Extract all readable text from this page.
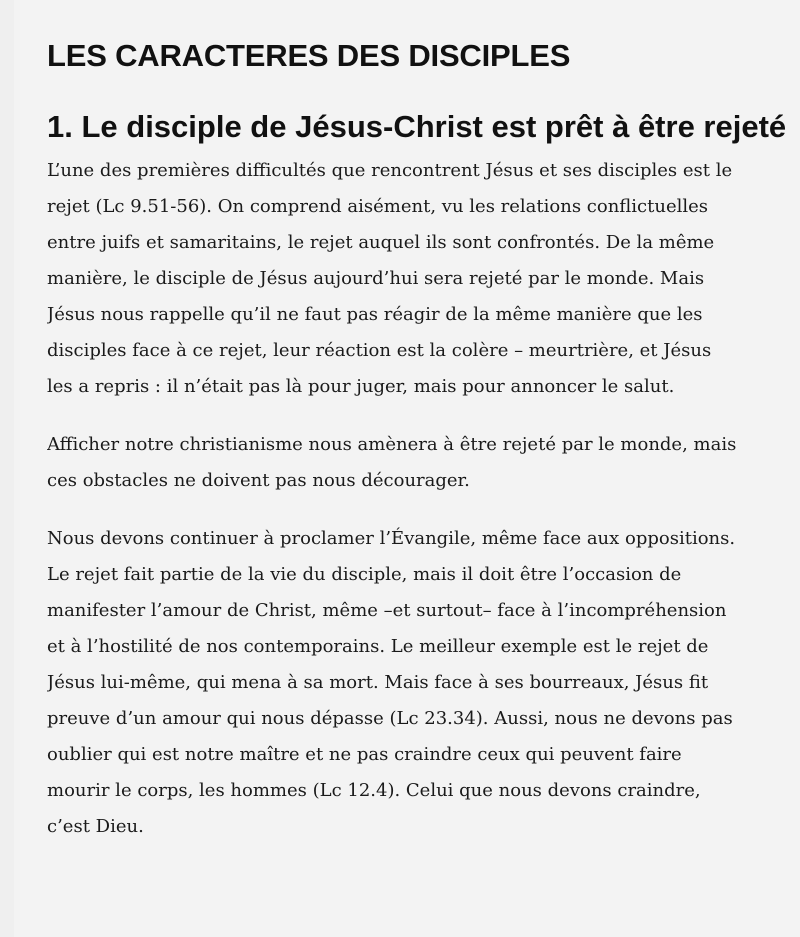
LES CARACTERES DES DISCIPLES
1. Le disciple de Jésus-Christ est prêt à être rejeté

L’une des premières difficultés que rencontrent Jésus et ses disciples est le
rejet (Lc 9.51-56). On comprend aisément, vu les relations conflictuelles
entre juifs et samaritains, le rejet auquel ils sont confrontés. De la même
manière, le disciple de Jésus aujourd’hui sera rejeté par le monde. Mais
Jésus nous rappelle qu’il ne faut pas réagir de la même manière que les
disciples face à ce rejet, leur réaction est la colère – meurtrière, et Jésus
les a repris : il n’était pas là pour juger, mais pour annoncer le salut.

Afficher notre christianisme nous amènera à être rejeté par le monde, mais
ces obstacles ne doivent pas nous décourager.

Nous devons continuer à proclamer l’Évangile, même face aux oppositions.
Le rejet fait partie de la vie du disciple, mais il doit être l’occasion de
manifester l’amour de Christ, même –et surtout– face à l’incompréhension
et à l’hostilité de nos contemporains. Le meilleur exemple est le rejet de
Jésus lui-même, qui mena à sa mort. Mais face à ses bourreaux, Jésus fit
preuve d’un amour qui nous dépasse (Lc 23.34). Aussi, nous ne devons pas
oublier qui est notre maître et ne pas craindre ceux qui peuvent faire
mourir le corps, les hommes (Lc 12.4). Celui que nous devons craindre,
c’est Dieu.
